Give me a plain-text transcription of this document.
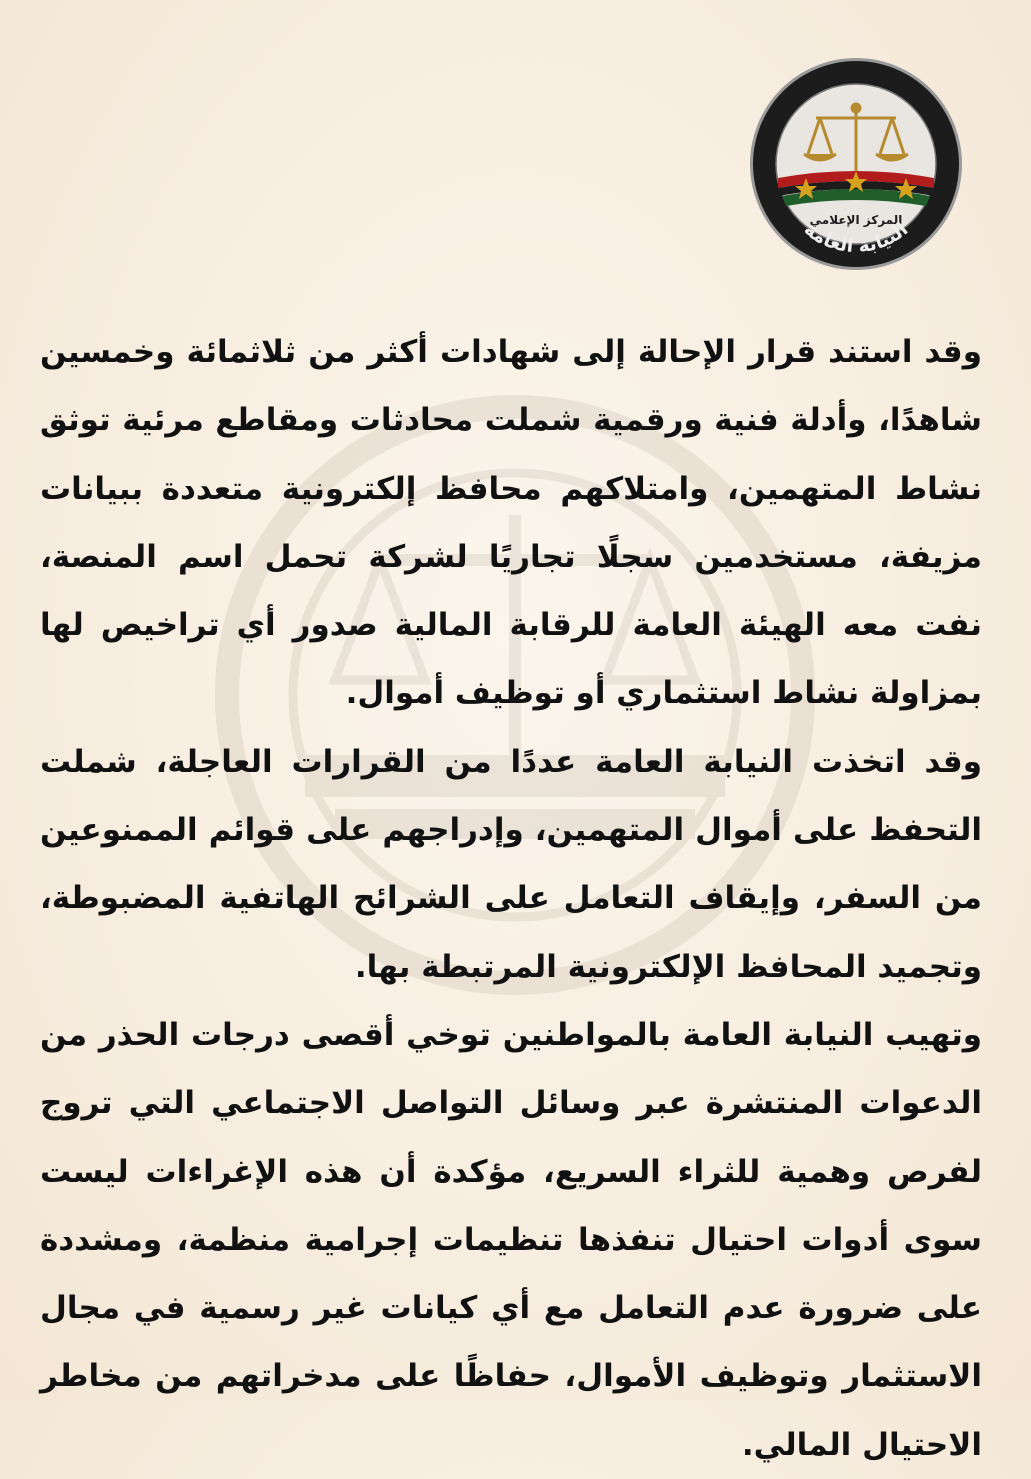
المركز الإعلامي
النيابة العامة

وقد استند قرار الإحالة إلى شهادات أكثر من ثلاثمائة وخمسين شاهدًا، وأدلة فنية ورقمية شملت محادثات ومقاطع مرئية توثق نشاط المتهمين، وامتلاكهم محافظ إلكترونية متعددة ببيانات مزيفة، مستخدمين سجلًا تجاريًا لشركة تحمل اسم المنصة، نفت معه الهيئة العامة للرقابة المالية صدور أي تراخيص لها بمزاولة نشاط استثماري أو توظيف أموال.

وقد اتخذت النيابة العامة عددًا من القرارات العاجلة، شملت التحفظ على أموال المتهمين، وإدراجهم على قوائم الممنوعين من السفر، وإيقاف التعامل على الشرائح الهاتفية المضبوطة، وتجميد المحافظ الإلكترونية المرتبطة بها.

وتهيب النيابة العامة بالمواطنين توخي أقصى درجات الحذر من الدعوات المنتشرة عبر وسائل التواصل الاجتماعي التي تروج لفرص وهمية للثراء السريع، مؤكدة أن هذه الإغراءات ليست سوى أدوات احتيال تنفذها تنظيمات إجرامية منظمة، ومشددة على ضرورة عدم التعامل مع أي كيانات غير رسمية في مجال الاستثمار وتوظيف الأموال، حفاظًا على مدخراتهم من مخاطر الاحتيال المالي.
